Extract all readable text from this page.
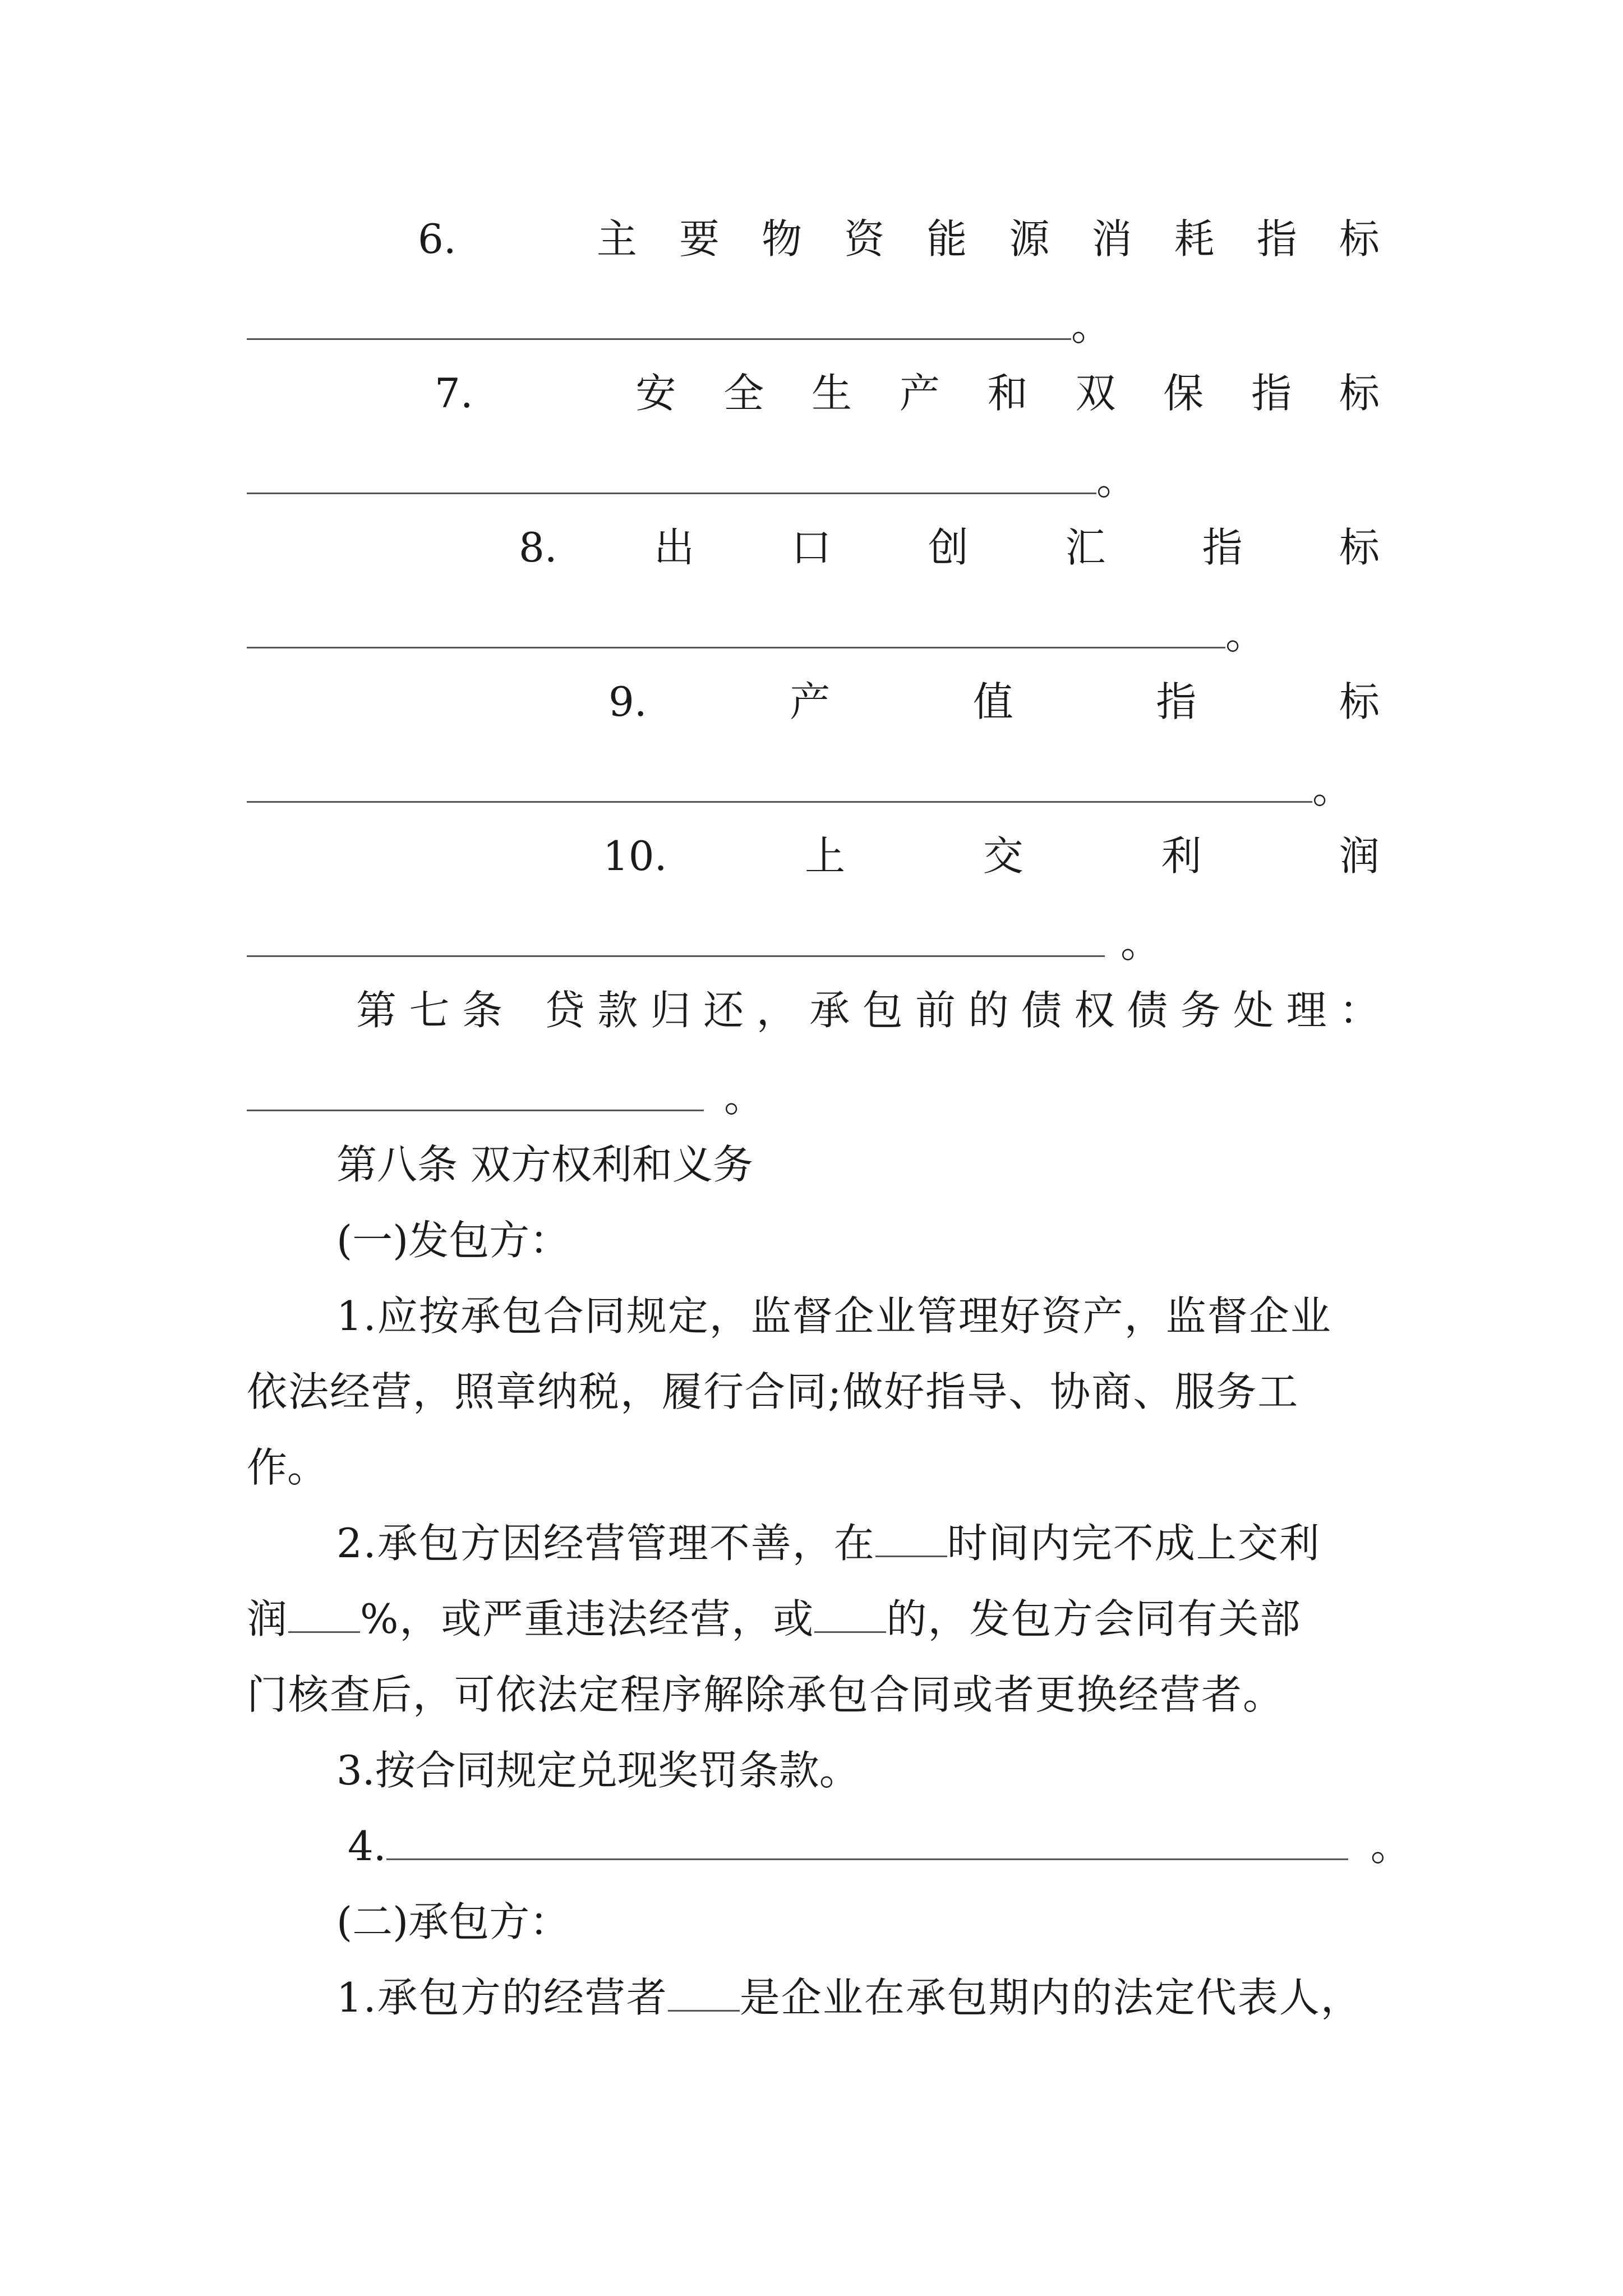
6.	主 要 物 资 能 源 消 耗 指 标
。
7.	安 全 生 产 和 双 保 指 标
。
8. 出 口 创 汇 指 标
。
9.	产	值	指	标
。
10.	上	交	利	润
。
第 七 条 贷 款 归 还 ， 承 包 前 的 债 权 债 务 处 理 ：
。
第八条 双方权利和义务
(一)发包方：
1.应按承包合同规定，监督企业管理好资产，监督企业
依法经营，照章纳税，履行合同;做好指导、协商、服务工
作。
2.承包方因经营管理不善，在 时间内完不成上交利
润 %，或严重违法经营，或 的，发包方会同有关部
门核查后，可依法定程序解除承包合同或者更换经营者。
3.按合同规定兑现奖罚条款。
4.	。
(二)承包方：
1.承包方的经营者 是企业在承包期内的法定代表人，
